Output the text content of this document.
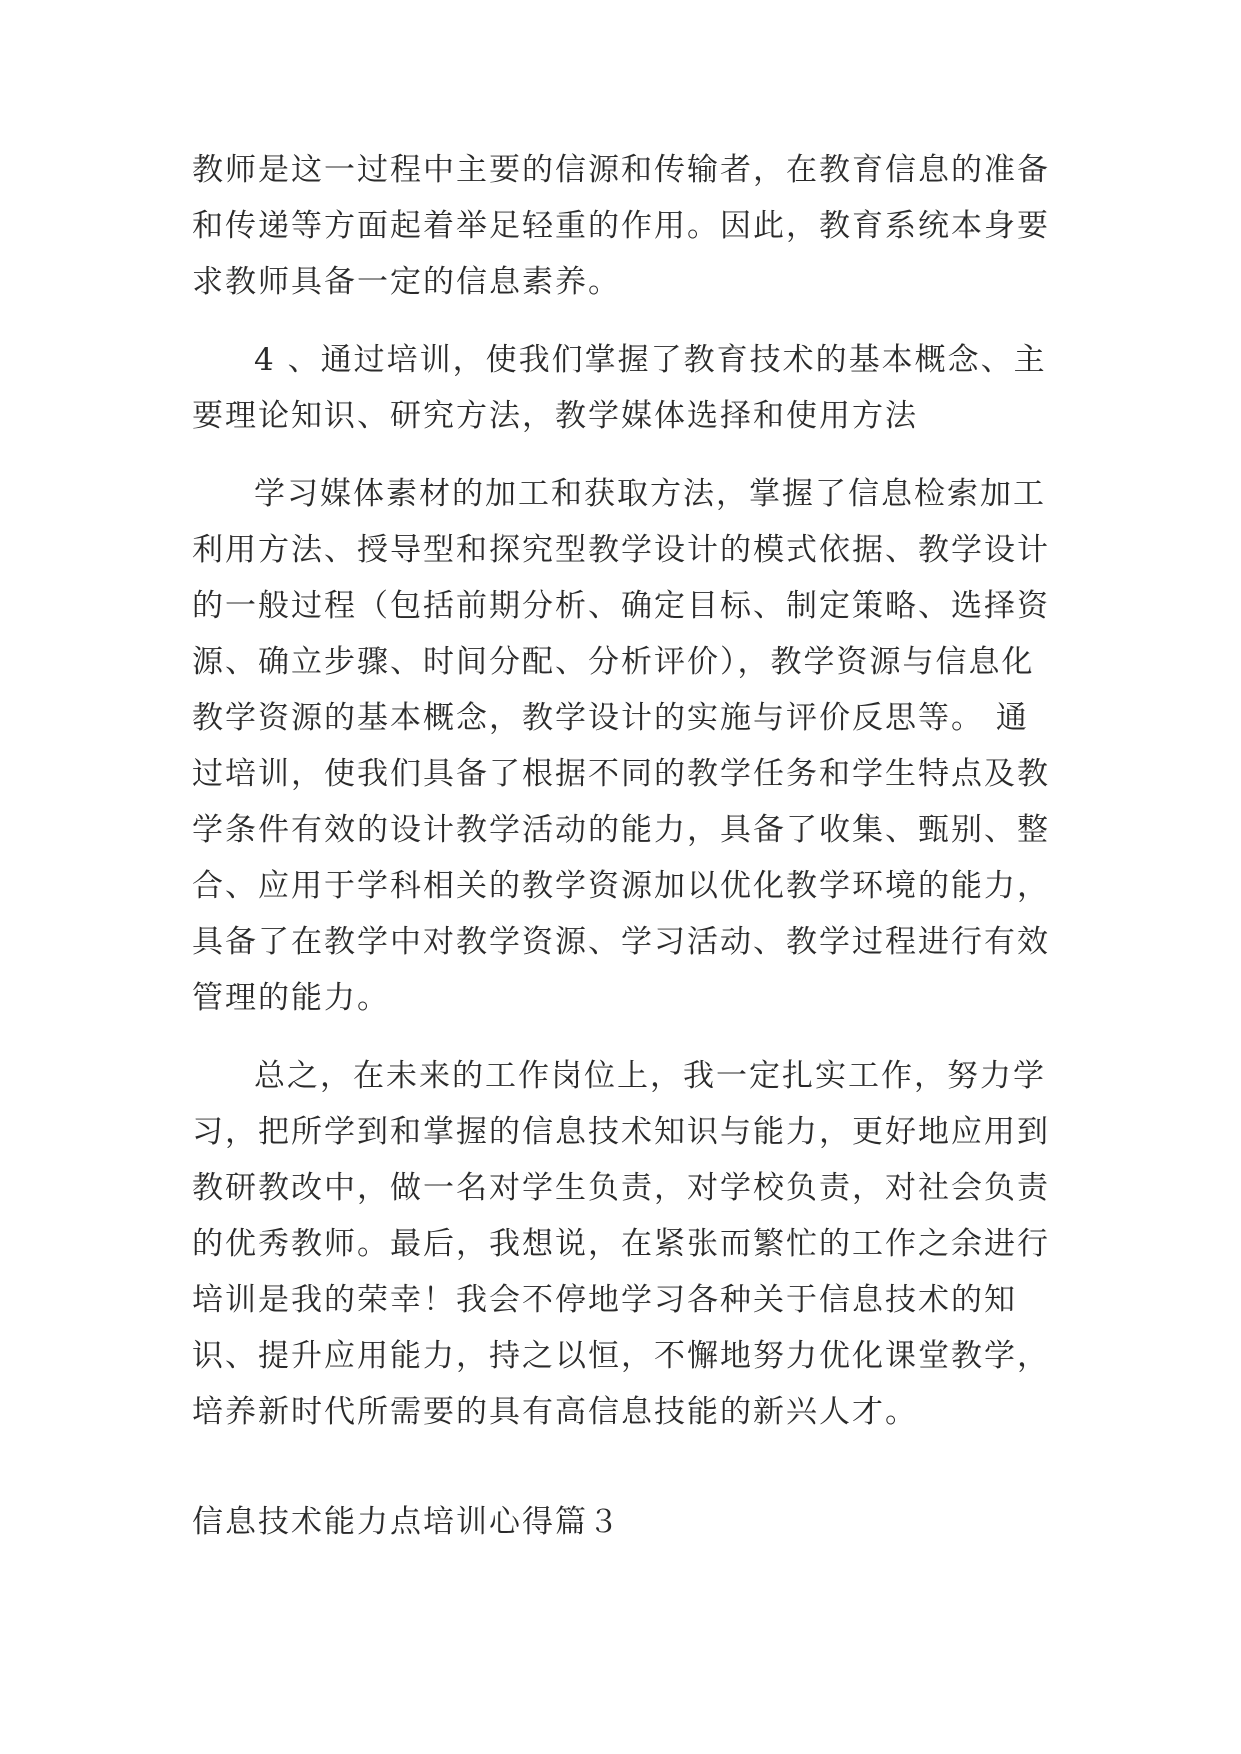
教师是这一过程中主要的信源和传输者，在教育信息的准备
和传递等方面起着举足轻重的作用。因此，教育系统本身要
求教师具备一定的信息素养。
4 、通过培训，使我们掌握了教育技术的基本概念、主
要理论知识、研究方法，教学媒体选择和使用方法
学习媒体素材的加工和获取方法，掌握了信息检索加工
利用方法、授导型和探究型教学设计的模式依据、教学设计
的一般过程（包括前期分析、确定目标、制定策略、选择资
源、确立步骤、时间分配、分析评价），教学资源与信息化
教学资源的基本概念，教学设计的实施与评价反思等。 通
过培训，使我们具备了根据不同的教学任务和学生特点及教
学条件有效的设计教学活动的能力，具备了收集、甄别、整
合、应用于学科相关的教学资源加以优化教学环境的能力，
具备了在教学中对教学资源、学习活动、教学过程进行有效
管理的能力。
总之，在未来的工作岗位上，我一定扎实工作，努力学
习，把所学到和掌握的信息技术知识与能力，更好地应用到
教研教改中，做一名对学生负责，对学校负责，对社会负责
的优秀教师。最后，我想说，在紧张而繁忙的工作之余进行
培训是我的荣幸！我会不停地学习各种关于信息技术的知
识、提升应用能力，持之以恒，不懈地努力优化课堂教学，
培养新时代所需要的具有高信息技能的新兴人才。
信息技术能力点培训心得篇３
